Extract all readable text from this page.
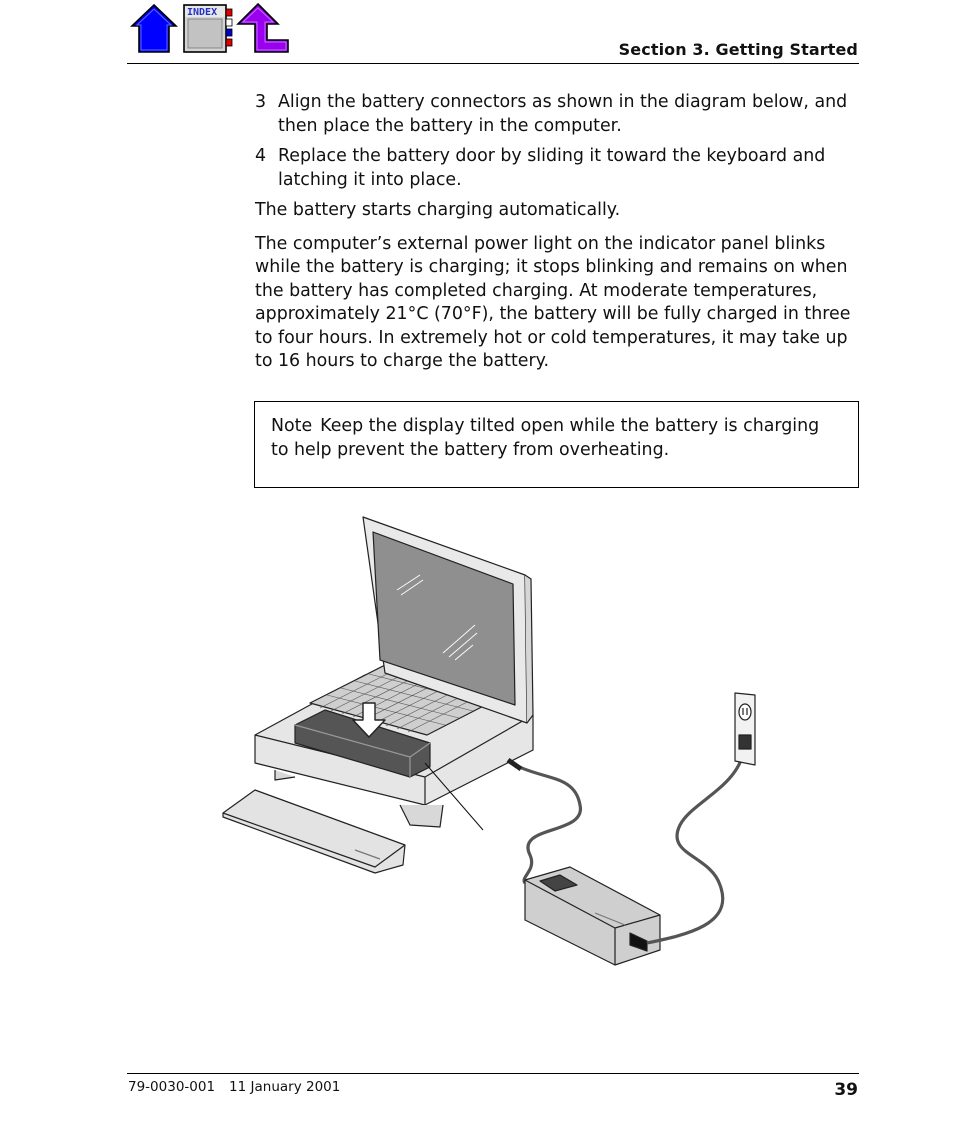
INDEX
Section 3. Getting Started
3 Align the battery connectors as shown in the diagram below, and then place the battery in the computer.
4 Replace the battery door by sliding it toward the keyboard and latching it into place.

The battery starts charging automatically.

The computer’s external power light on the indicator panel blinks while the battery is charging; it stops blinking and remains on when the battery has completed charging. At moderate temperatures, approximately 21°C (70°F), the battery will be fully charged in three to four hours. In extremely hot or cold temperatures, it may take up to 16 hours to charge the battery.

Note Keep the display tilted open while the battery is charging to help prevent the battery from overheating.
79-0030-001 11 January 2001	39
